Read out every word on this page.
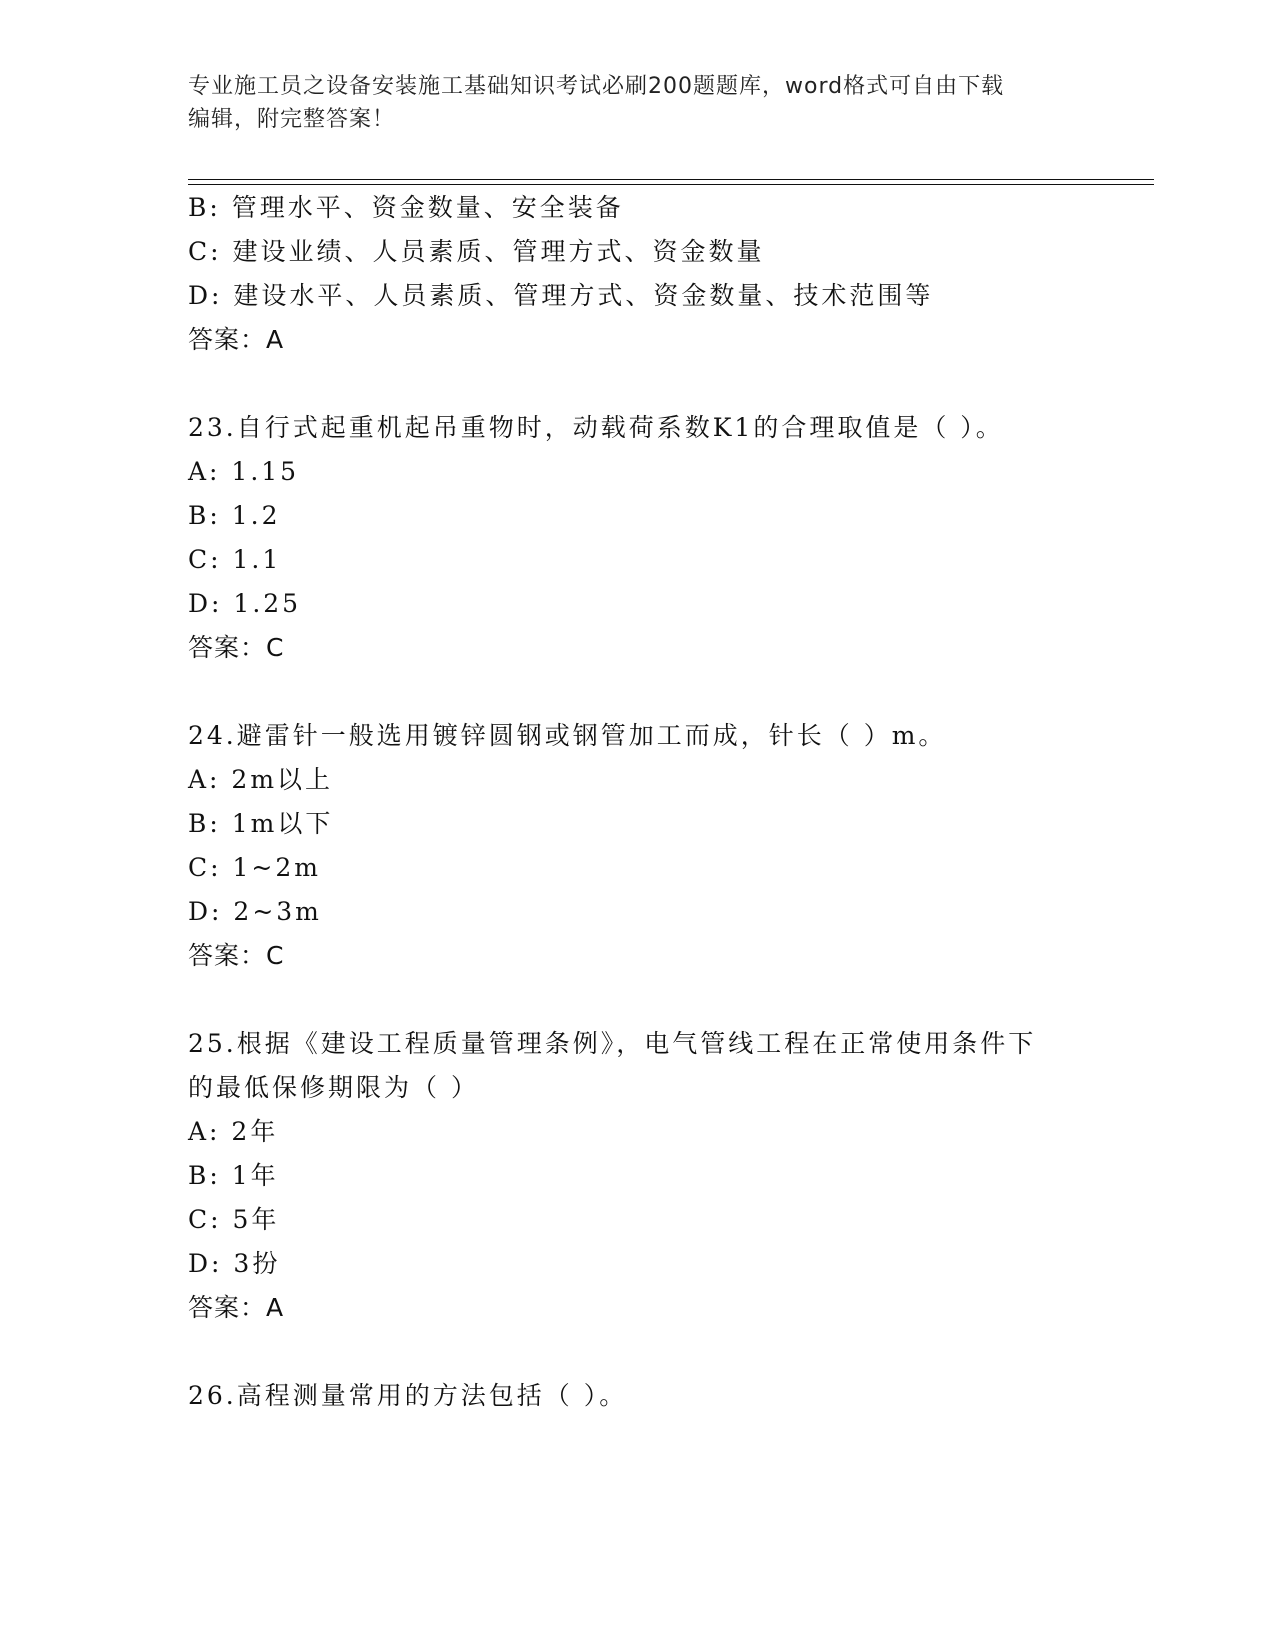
专业施工员之设备安装施工基础知识考试必刷200题题库，word格式可自由下载
编辑，附完整答案！
B: 管理水平、资金数量、安全装备
C: 建设业绩、人员素质、管理方式、资金数量
D: 建设水平、人员素质、管理方式、资金数量、技术范围等
答案：A
23.自行式起重机起吊重物时，动载荷系数K1的合理取值是（ ）。
A: 1.15
B: 1.2
C: 1.1
D: 1.25
答案：C
24.避雷针一般选用镀锌圆钢或钢管加工而成，针长（ ）m。
A: 2m以上
B: 1m以下
C: 1~2m
D: 2~3m
答案：C
25.根据《建设工程质量管理条例》，电气管线工程在正常使用条件下
的最低保修期限为（ ）
A: 2年
B: 1年
C: 5年
D: 3扮
答案：A
26.高程测量常用的方法包括（ ）。
